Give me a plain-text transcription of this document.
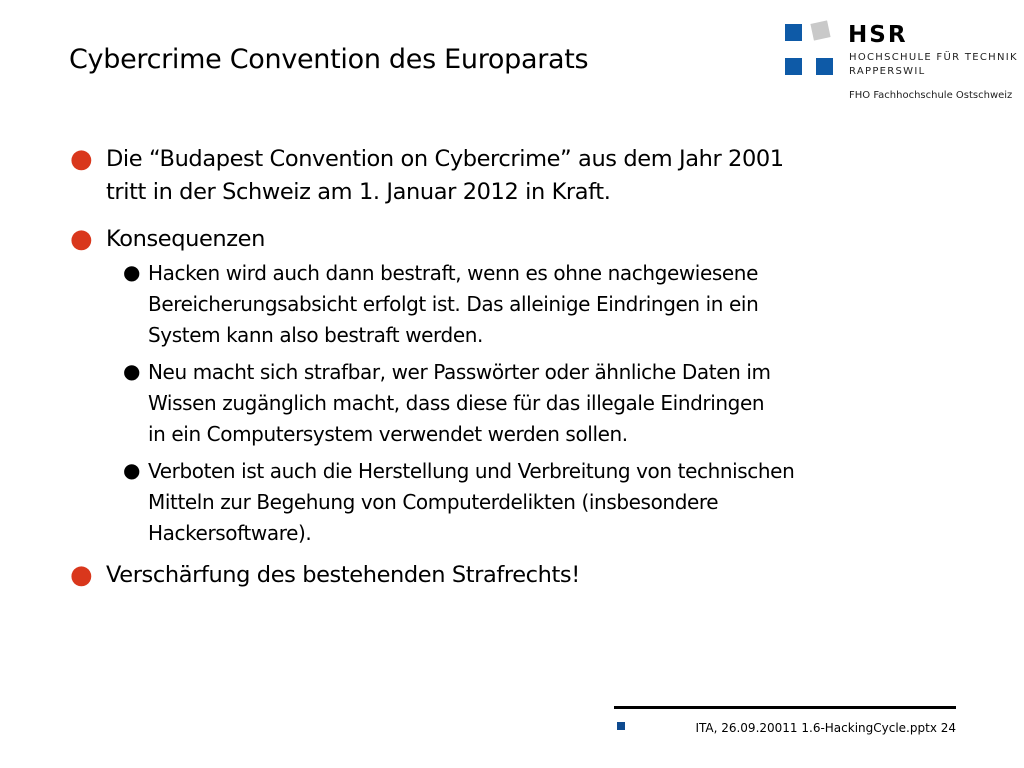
Cybercrime Convention des Europarats
HSR
HOCHSCHULE FÜR TECHNIK
RAPPERSWIL
FHO Fachhochschule Ostschweiz
● Die “Budapest Convention on Cybercrime” aus dem Jahr 2001
tritt in der Schweiz am 1. Januar 2012 in Kraft.
● Konsequenzen
● Hacken wird auch dann bestraft, wenn es ohne nachgewiesene
Bereicherungsabsicht erfolgt ist. Das alleinige Eindringen in ein
System kann also bestraft werden.
● Neu macht sich strafbar, wer Passwörter oder ähnliche Daten im
Wissen zugänglich macht, dass diese für das illegale Eindringen
in ein Computersystem verwendet werden sollen.
● Verboten ist auch die Herstellung und Verbreitung von technischen
Mitteln zur Begehung von Computerdelikten (insbesondere
Hackersoftware).
● Verschärfung des bestehenden Strafrechts!
ITA, 26.09.20011 1.6-HackingCycle.pptx 24
